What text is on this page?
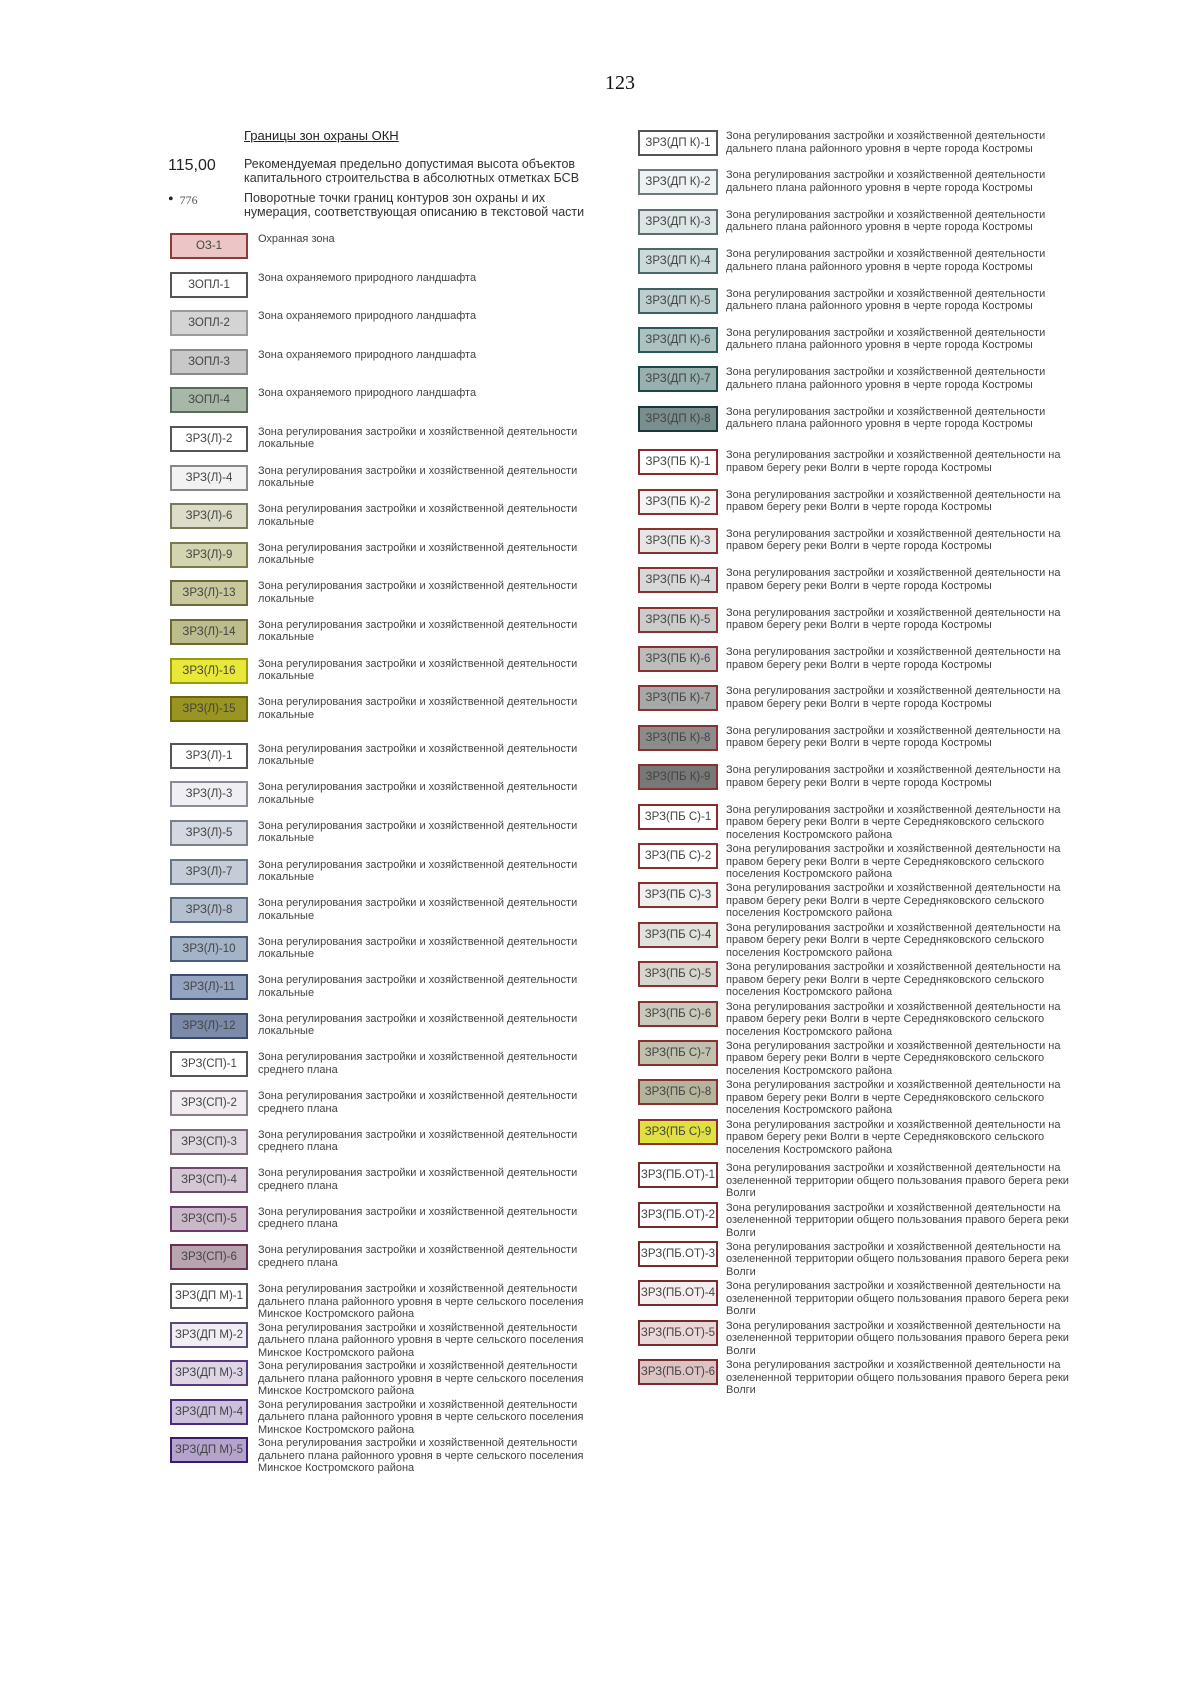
123
Границы зон охраны ОКН
115,00 Рекомендуемая предельно допустимая высота объектов капитального строительства в абсолютных отметках БСВ
• 776	Поворотные точки границ контуров зон охраны и их нумерация, соответствующая описанию в текстовой части
ОЗ-1
Охранная зона
ЗОПЛ-1
Зона охраняемого природного ландшафта
ЗОПЛ-2
Зона охраняемого природного ландшафта
ЗОПЛ-3
Зона охраняемого природного ландшафта
ЗОПЛ-4
Зона охраняемого природного ландшафта
ЗРЗ(Л)-2
Зона регулирования застройки и хозяйственной деятельности локальные
ЗРЗ(Л)-4
Зона регулирования застройки и хозяйственной деятельности локальные
ЗРЗ(Л)-6
Зона регулирования застройки и хозяйственной деятельности локальные
ЗРЗ(Л)-9
Зона регулирования застройки и хозяйственной деятельности локальные
ЗРЗ(Л)-13
Зона регулирования застройки и хозяйственной деятельности локальные
ЗРЗ(Л)-14
Зона регулирования застройки и хозяйственной деятельности локальные
ЗРЗ(Л)-16
Зона регулирования застройки и хозяйственной деятельности локальные
ЗРЗ(Л)-15
Зона регулирования застройки и хозяйственной деятельности локальные
ЗРЗ(Л)-1
Зона регулирования застройки и хозяйственной деятельности локальные
ЗРЗ(Л)-3
Зона регулирования застройки и хозяйственной деятельности локальные
ЗРЗ(Л)-5
Зона регулирования застройки и хозяйственной деятельности локальные
ЗРЗ(Л)-7
Зона регулирования застройки и хозяйственной деятельности локальные
ЗРЗ(Л)-8
Зона регулирования застройки и хозяйственной деятельности локальные
ЗРЗ(Л)-10
Зона регулирования застройки и хозяйственной деятельности локальные
ЗРЗ(Л)-11
Зона регулирования застройки и хозяйственной деятельности локальные
ЗРЗ(Л)-12
Зона регулирования застройки и хозяйственной деятельности локальные
ЗРЗ(СП)-1
Зона регулирования застройки и хозяйственной деятельности среднего плана
ЗРЗ(СП)-2
Зона регулирования застройки и хозяйственной деятельности среднего плана
ЗРЗ(СП)-3
Зона регулирования застройки и хозяйственной деятельности среднего плана
ЗРЗ(СП)-4
Зона регулирования застройки и хозяйственной деятельности среднего плана
ЗРЗ(СП)-5
Зона регулирования застройки и хозяйственной деятельности среднего плана
ЗРЗ(СП)-6
Зона регулирования застройки и хозяйственной деятельности среднего плана
ЗРЗ(ДП М)-1
Зона регулирования застройки и хозяйственной деятельности дальнего плана районного уровня в черте сельского поселения Минское Костромского района
ЗРЗ(ДП М)-2
Зона регулирования застройки и хозяйственной деятельности дальнего плана районного уровня в черте сельского поселения Минское Костромского района
ЗРЗ(ДП М)-3
Зона регулирования застройки и хозяйственной деятельности дальнего плана районного уровня в черте сельского поселения Минское Костромского района
ЗРЗ(ДП М)-4
Зона регулирования застройки и хозяйственной деятельности дальнего плана районного уровня в черте сельского поселения Минское Костромского района
ЗРЗ(ДП М)-5
Зона регулирования застройки и хозяйственной деятельности дальнего плана районного уровня в черте сельского поселения Минское Костромского района
ЗРЗ(ДП К)-1
Зона регулирования застройки и хозяйственной деятельности дальнего плана районного уровня в черте города Костромы
ЗРЗ(ДП К)-2
Зона регулирования застройки и хозяйственной деятельности дальнего плана районного уровня в черте города Костромы
ЗРЗ(ДП К)-3
Зона регулирования застройки и хозяйственной деятельности дальнего плана районного уровня в черте города Костромы
ЗРЗ(ДП К)-4
Зона регулирования застройки и хозяйственной деятельности дальнего плана районного уровня в черте города Костромы
ЗРЗ(ДП К)-5
Зона регулирования застройки и хозяйственной деятельности дальнего плана районного уровня в черте города Костромы
ЗРЗ(ДП К)-6
Зона регулирования застройки и хозяйственной деятельности дальнего плана районного уровня в черте города Костромы
ЗРЗ(ДП К)-7
Зона регулирования застройки и хозяйственной деятельности дальнего плана районного уровня в черте города Костромы
ЗРЗ(ДП К)-8
Зона регулирования застройки и хозяйственной деятельности дальнего плана районного уровня в черте города Костромы
ЗРЗ(ПБ К)-1
Зона регулирования застройки и хозяйственной деятельности на правом берегу реки Волги в черте города Костромы
ЗРЗ(ПБ К)-2
Зона регулирования застройки и хозяйственной деятельности на правом берегу реки Волги в черте города Костромы
ЗРЗ(ПБ К)-3
Зона регулирования застройки и хозяйственной деятельности на правом берегу реки Волги в черте города Костромы
ЗРЗ(ПБ К)-4
Зона регулирования застройки и хозяйственной деятельности на правом берегу реки Волги в черте города Костромы
ЗРЗ(ПБ К)-5
Зона регулирования застройки и хозяйственной деятельности на правом берегу реки Волги в черте города Костромы
ЗРЗ(ПБ К)-6
Зона регулирования застройки и хозяйственной деятельности на правом берегу реки Волги в черте города Костромы
ЗРЗ(ПБ К)-7
Зона регулирования застройки и хозяйственной деятельности на правом берегу реки Волги в черте города Костромы
ЗРЗ(ПБ К)-8
Зона регулирования застройки и хозяйственной деятельности на правом берегу реки Волги в черте города Костромы
ЗРЗ(ПБ К)-9
Зона регулирования застройки и хозяйственной деятельности на правом берегу реки Волги в черте города Костромы
ЗРЗ(ПБ С)-1
Зона регулирования застройки и хозяйственной деятельности на правом берегу реки Волги в черте Середняковского сельского поселения Костромского района
ЗРЗ(ПБ С)-2
Зона регулирования застройки и хозяйственной деятельности на правом берегу реки Волги в черте Середняковского сельского поселения Костромского района
ЗРЗ(ПБ С)-3
Зона регулирования застройки и хозяйственной деятельности на правом берегу реки Волги в черте Середняковского сельского поселения Костромского района
ЗРЗ(ПБ С)-4
Зона регулирования застройки и хозяйственной деятельности на правом берегу реки Волги в черте Середняковского сельского поселения Костромского района
ЗРЗ(ПБ С)-5
Зона регулирования застройки и хозяйственной деятельности на правом берегу реки Волги в черте Середняковского сельского поселения Костромского района
ЗРЗ(ПБ С)-6
Зона регулирования застройки и хозяйственной деятельности на правом берегу реки Волги в черте Середняковского сельского поселения Костромского района
ЗРЗ(ПБ С)-7
Зона регулирования застройки и хозяйственной деятельности на правом берегу реки Волги в черте Середняковского сельского поселения Костромского района
ЗРЗ(ПБ С)-8
Зона регулирования застройки и хозяйственной деятельности на правом берегу реки Волги в черте Середняковского сельского поселения Костромского района
ЗРЗ(ПБ С)-9
Зона регулирования застройки и хозяйственной деятельности на правом берегу реки Волги в черте Середняковского сельского поселения Костромского района
ЗРЗ(ПБ.ОТ)-1
Зона регулирования застройки и хозяйственной деятельности на озелененной территории общего пользования правого берега реки Волги
ЗРЗ(ПБ.ОТ)-2
Зона регулирования застройки и хозяйственной деятельности на озелененной территории общего пользования правого берега реки Волги
ЗРЗ(ПБ.ОТ)-3
Зона регулирования застройки и хозяйственной деятельности на озелененной территории общего пользования правого берега реки Волги
ЗРЗ(ПБ.ОТ)-4
Зона регулирования застройки и хозяйственной деятельности на озелененной территории общего пользования правого берега реки Волги
ЗРЗ(ПБ.ОТ)-5
Зона регулирования застройки и хозяйственной деятельности на озелененной территории общего пользования правого берега реки Волги
ЗРЗ(ПБ.ОТ)-6
Зона регулирования застройки и хозяйственной деятельности на озелененной территории общего пользования правого берега реки Волги
